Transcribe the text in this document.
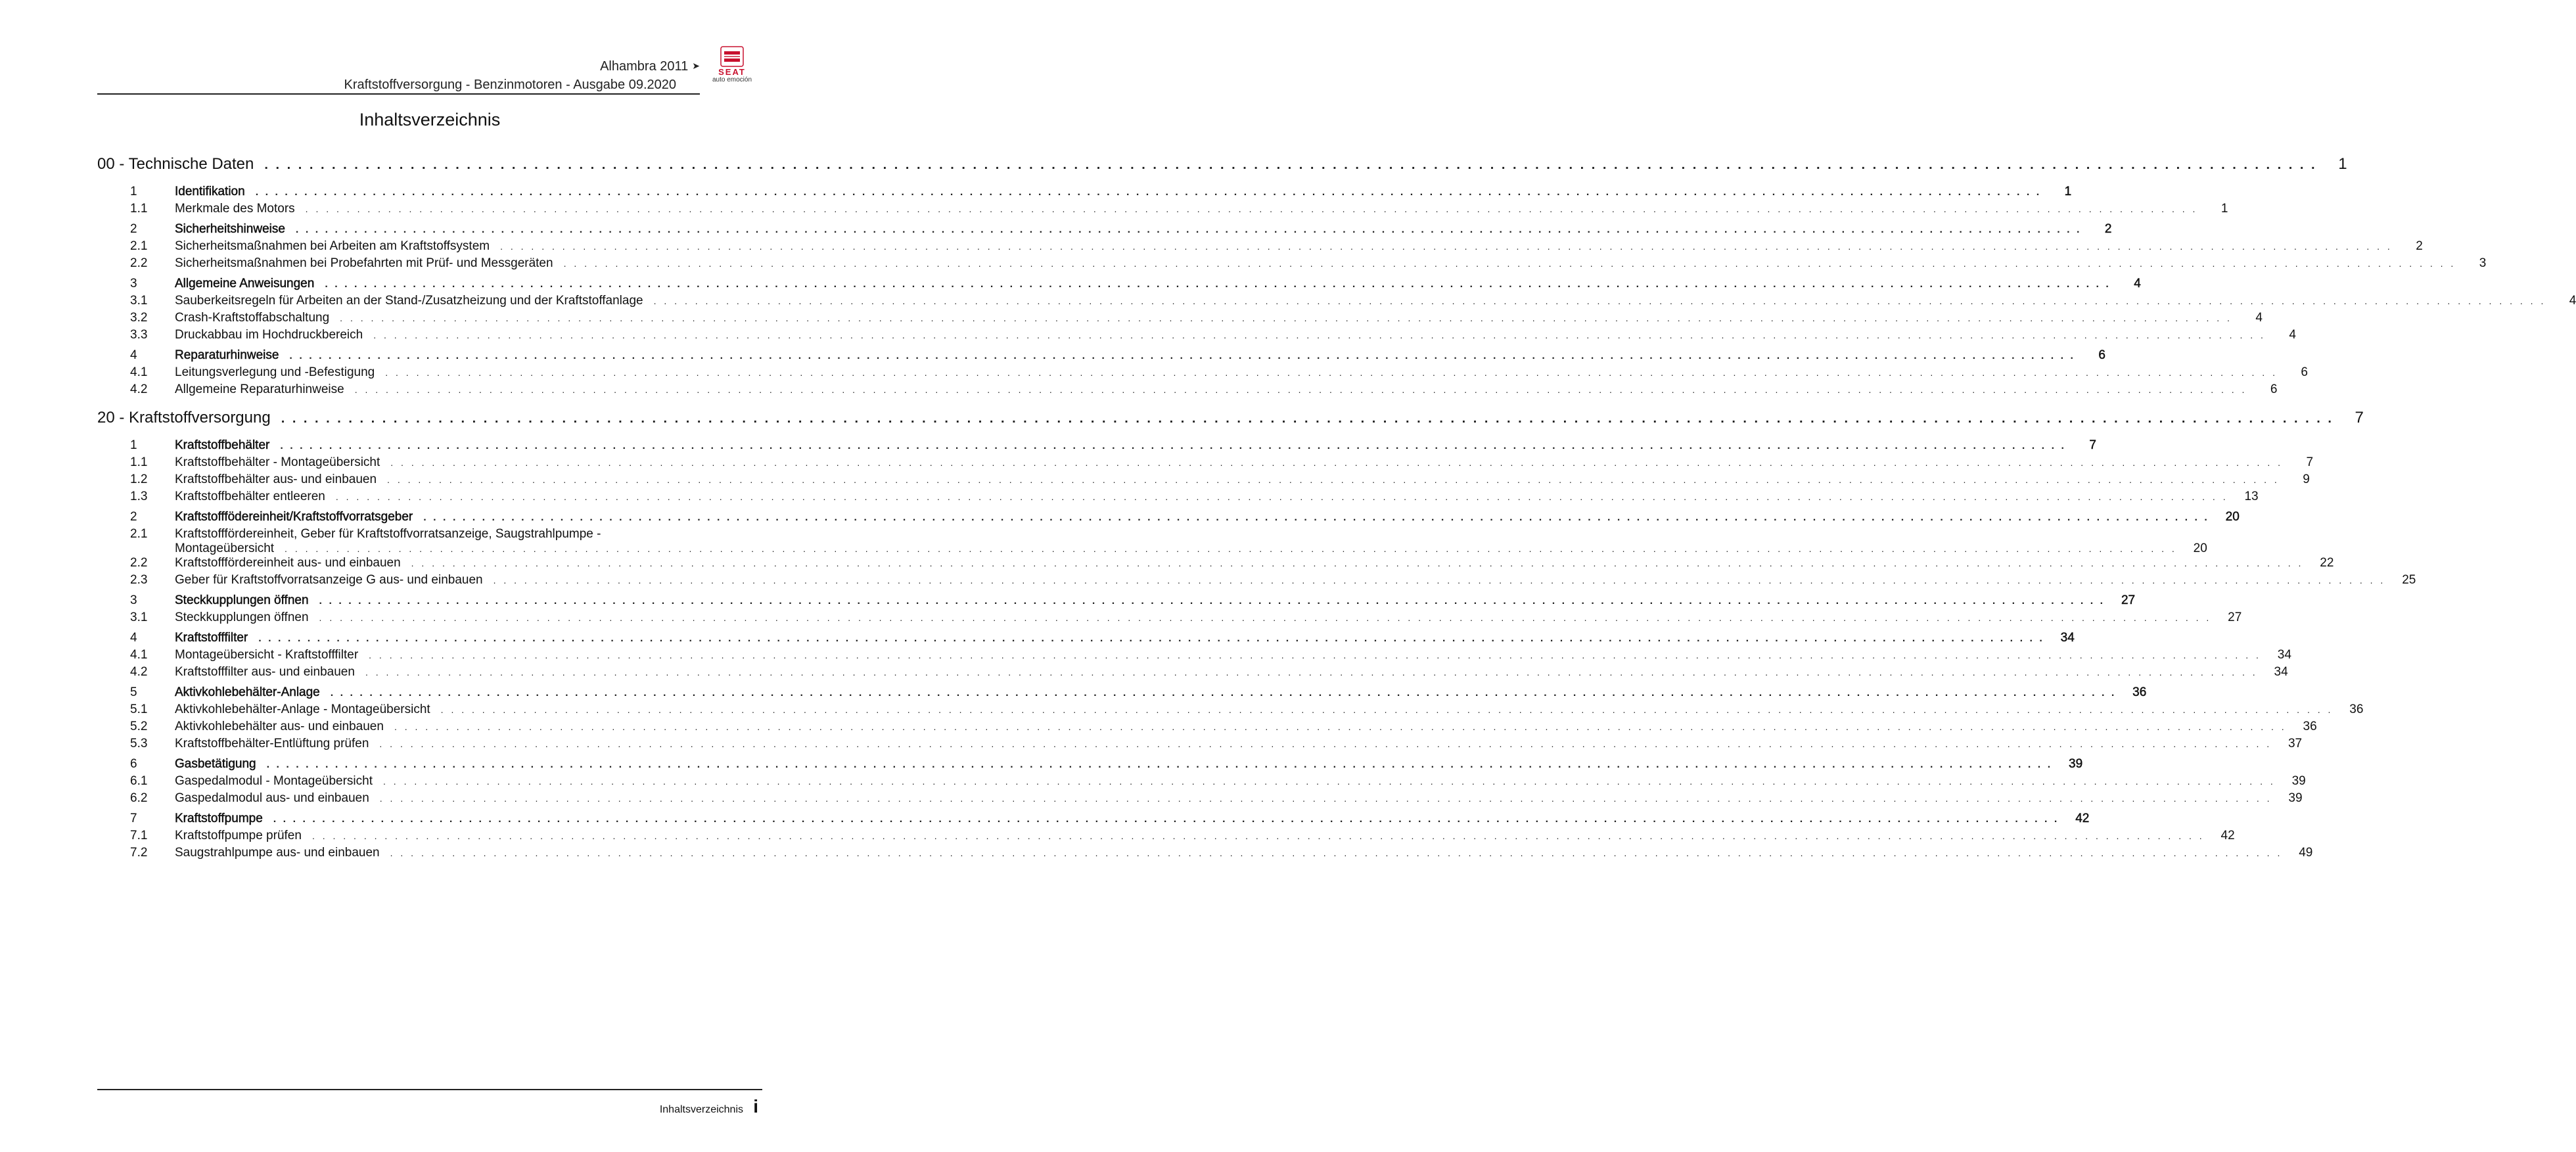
Alhambra 2011 ➤
Kraftstoffversorgung - Benzinmotoren - Ausgabe 09.2020
SEAT
auto emoción
Inhaltsverzeichnis
00 - Technische Daten . . .	1
1	Identifikation . . .	1
1.1	Merkmale des Motors . . .	1
2	Sicherheitshinweise . . .	2
2.1	Sicherheitsmaßnahmen bei Arbeiten am Kraftstoffsystem . . .	2
2.2	Sicherheitsmaßnahmen bei Probefahrten mit Prüf- und Messgeräten . . .	3
3	Allgemeine Anweisungen . . .	4
3.1	Sauberkeitsregeln für Arbeiten an der Stand-/Zusatzheizung und der Kraftstoffanlage . . .	4
3.2	Crash-Kraftstoffabschaltung . . .	4
3.3	Druckabbau im Hochdruckbereich . . .	4
4	Reparaturhinweise . . .	6
4.1	Leitungsverlegung und -Befestigung . . .	6
4.2	Allgemeine Reparaturhinweise . . .	6
20 - Kraftstoffversorgung . . .	7
1	Kraftstoffbehälter . . .	7
1.1	Kraftstoffbehälter - Montageübersicht . . .	7
1.2	Kraftstoffbehälter aus- und einbauen . . .	9
1.3	Kraftstoffbehälter entleeren . . .	13
2	Kraftstofffödereinheit/Kraftstoffvorratsgeber . . .	20
2.1	Kraftstofffördereinheit, Geber für Kraftstoffvorratsanzeige, Saugstrahlpumpe -
Montageübersicht . . .	20
2.2	Kraftstofffördereinheit aus- und einbauen . . .	22
2.3	Geber für Kraftstoffvorratsanzeige G aus- und einbauen . . .	25
3	Steckkupplungen öffnen . . .	27
3.1	Steckkupplungen öffnen . . .	27
4	Kraftstofffilter . . .	34
4.1	Montageübersicht - Kraftstofffilter . . .	34
4.2	Kraftstofffilter aus- und einbauen . . .	34
5	Aktivkohlebehälter-Anlage . . .	36
5.1	Aktivkohlebehälter-Anlage - Montageübersicht . . .	36
5.2	Aktivkohlebehälter aus- und einbauen . . .	36
5.3	Kraftstoffbehälter-Entlüftung prüfen . . .	37
6	Gasbetätigung . . .	39
6.1	Gaspedalmodul - Montageübersicht . . .	39
6.2	Gaspedalmodul aus- und einbauen . . .	39
7	Kraftstoffpumpe . . .	42
7.1	Kraftstoffpumpe prüfen . . .	42
7.2	Saugstrahlpumpe aus- und einbauen . . .	49
Inhaltsverzeichnis i
